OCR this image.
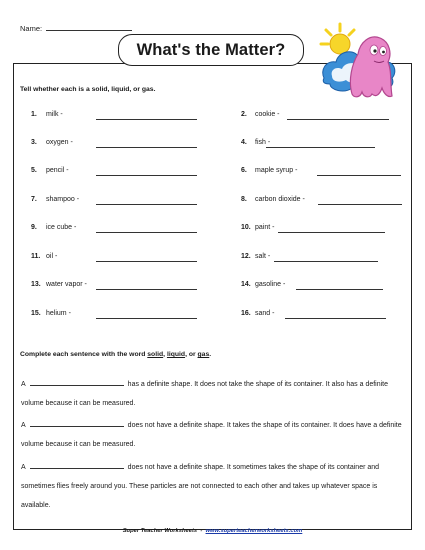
Name:
What's the Matter?
Tell whether each is a solid, liquid, or gas.
1. milk -	2. cookie -
3. oxygen -	4. fish -
5. pencil -	6. maple syrup -
7. shampoo -	8. carbon dioxide -
9. ice cube -	10. paint -
11. oil -	12. salt -
13. water vapor -	14. gasoline -
15. helium -	16. sand -
Complete each sentence with the word solid, liquid, or gas.
A	has a definite shape. It does not take the shape of its container. It also has a definite volume because it can be measured.
A	does not have a definite shape. It takes the shape of its container. It does have a definite volume because it can be measured.
A	does not have a definite shape. It sometimes takes the shape of its container and sometimes flies freely around you. These particles are not connected to each other and takes up whatever space is available.
Super Teacher Worksheets - www.superteacherworksheets.com
